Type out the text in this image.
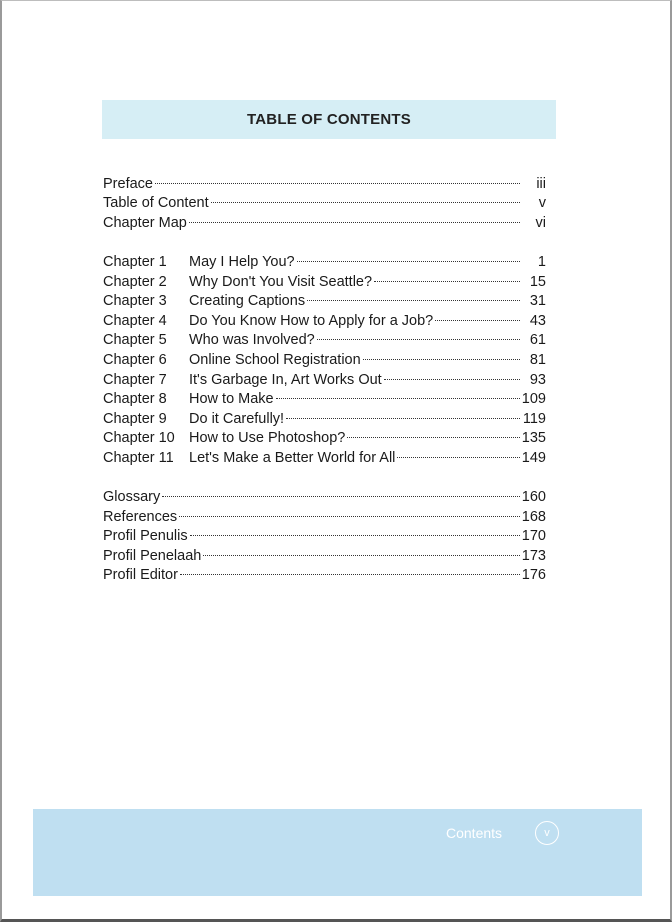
TABLE OF CONTENTS
Preface	iii
Table of Content	v
Chapter Map	vi
Chapter 1	May I Help You?	1
Chapter 2	Why Don't You Visit Seattle?	15
Chapter 3	Creating Captions	31
Chapter 4	Do You Know How to Apply for a Job?	43
Chapter 5	Who was Involved?	61
Chapter 6	Online School Registration	81
Chapter 7	It's Garbage In, Art Works Out	93
Chapter 8	How to Make	109
Chapter 9	Do it Carefully!	119
Chapter 10 How to Use Photoshop?	135
Chapter 11	Let's Make a Better World for All	149
Glossary	160
References	168
Profil Penulis	170
Profil Penelaah	173
Profil Editor	176
Contents	v
